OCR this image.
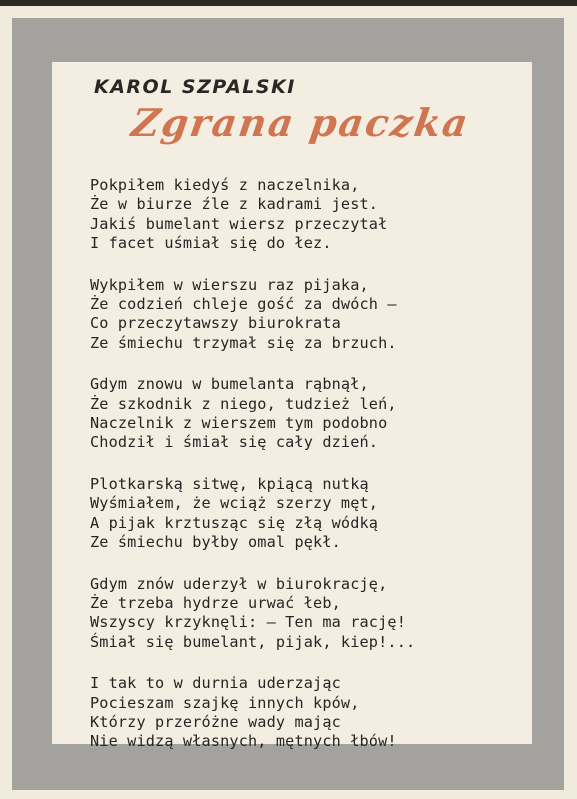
KAROL SZPALSKI
Zgrana paczka
Pokpiłem kiedyś z naczelnika,
Że w biurze źle z kadrami jest.
Jakiś bumelant wiersz przeczytał
I facet uśmiał się do łez.
Wykpiłem w wierszu raz pijaka,
Że codzień chleje gość za dwóch —
Co przeczytawszy biurokrata
Ze śmiechu trzymał się za brzuch.
Gdym znowu w bumelanta rąbnął,
Że szkodnik z niego, tudzież leń,
Naczelnik z wierszem tym podobno
Chodził i śmiał się cały dzień.
Plotkarską sitwę, kpiącą nutką
Wyśmiałem, że wciąż szerzy męt,
A pijak krztusząc się złą wódką
Ze śmiechu byłby omal pękł.
Gdym znów uderzył w biurokrację,
Że trzeba hydrze urwać łeb,
Wszyscy krzyknęli: — Ten ma rację!
Śmiał się bumelant, pijak, kiep!...
I tak to w durnia uderzając
Pocieszam szajkę innych kpów,
Którzy przeróżne wady mając
Nie widzą własnych, mętnych łbów!
